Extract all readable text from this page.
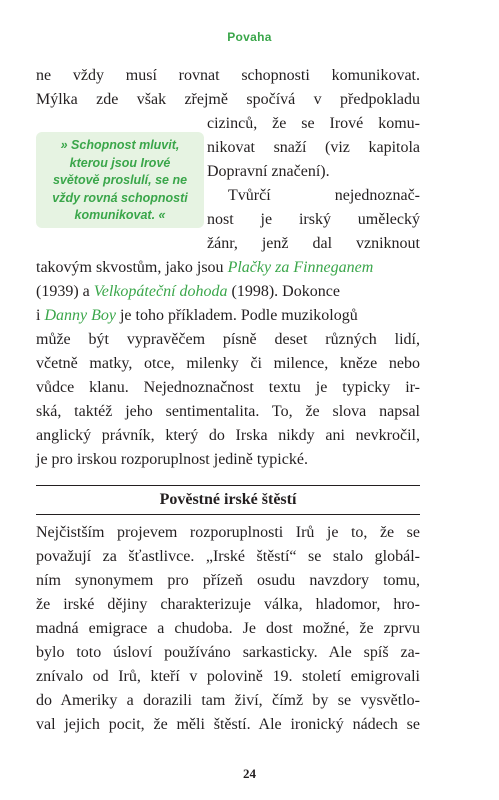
Povaha
ne vždy musí rovnat schopnosti komunikovat.
Mýlka zde však zřejmě spočívá v předpokladu
cizinců, že se Irové komu-
nikovat snaží (viz kapitola
Dopravní značení).
» Schopnost mluvit,
kterou jsou Irové
světově proslulí, se ne
vždy rovná schopnosti
komunikovat. «
Tvůrčí nejednoznač-
nost je irský umělecký
žánr, jenž dal vzniknout
takovým skvostům, jako jsou Plačky za Finneganem
(1939) a Velkopáteční dohoda (1998). Dokonce
i Danny Boy je toho příkladem. Podle muzikologů
může být vypravěčem písně deset různých lidí,
včetně matky, otce, milenky či milence, kněze nebo
vůdce klanu. Nejednoznačnost textu je typicky ir-
ská, taktéž jeho sentimentalita. To, že slova napsal
anglický právník, který do Irska nikdy ani nevkročil,
je pro irskou rozporuplnost jedině typické.
Pověstné irské štěstí
Nejčistším projevem rozporuplnosti Irů je to, že se
považují za šťastlivce. „Irské štěstí“ se stalo globál-
ním synonymem pro přízeň osudu navzdory tomu,
že irské dějiny charakterizuje válka, hladomor, hro-
madná emigrace a chudoba. Je dost možné, že zprvu
bylo toto úsloví používáno sarkasticky. Ale spíš za-
znívalo od Irů, kteří v polovině 19. století emigrovali
do Ameriky a dorazili tam živí, čímž by se vysvětlo-
val jejich pocit, že měli štěstí. Ale ironický nádech se
24
